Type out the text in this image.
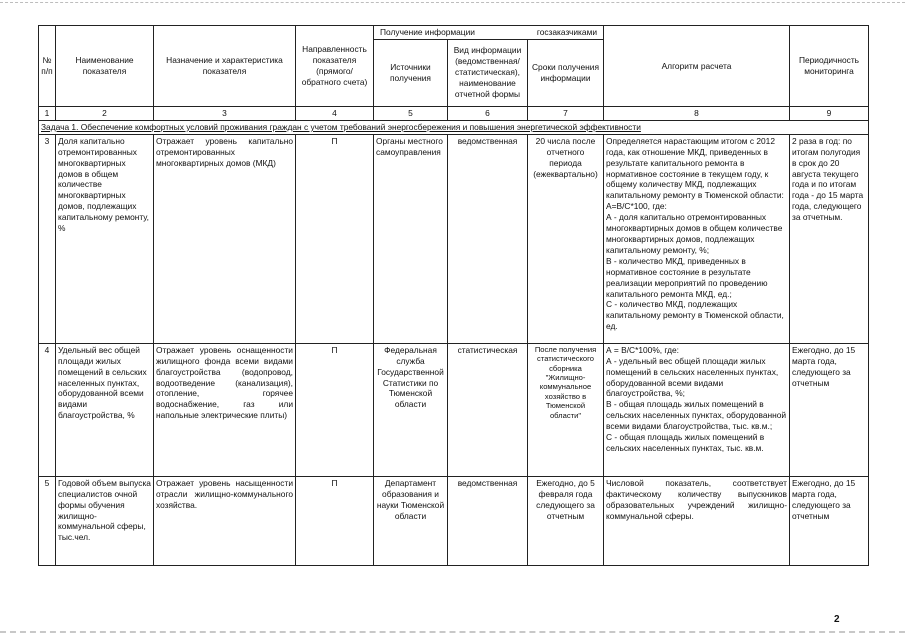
№ п/п	Наименование показателя	Назначение и характеристика показателя	Направленность показателя (прямого/ обратного счета)	Получение информации госзаказчиками			Алгоритм расчета	Периодичность мониторинга
				Источники получения	Вид информации (ведомственная/ статистическая), наименование отчетной формы	Сроки получения информации		
1	2	3	4	5	6	7	8	9
Задача 1. Обеспечение комфортных условий проживания граждан с учетом требований энергосбережения и повышения энергетической эффективности								
3	Доля капитально отремонтированных многоквартирных домов в общем количестве многоквартирных домов, подлежащих капитальному ремонту, %	Отражает уровень капитально отремонтированных многоквартирных домов (МКД)	П	Органы местного самоуправления	ведомственная	20 числа после отчетного периода (ежеквартально)	Определяется нарастающим итогом с 2012 года, как отношение МКД, приведенных в результате капитального ремонта в нормативное состояние в текущем году, к общему количеству МКД, подлежащих капитальному ремонту в Тюменской области:
A=B/C*100, где:
А - доля капитально отремонтированных многоквартирных домов в общем количестве многоквартирных домов, подлежащих капитальному ремонту, %;
В - количество МКД, приведенных в нормативное состояние в результате реализации мероприятий по проведению капитального ремонта МКД, ед.;
С - количество МКД, подлежащих капитальному ремонту в Тюменской области, ед.	2 раза в год: по итогам полугодия в срок до 20 августа текущего года и по итогам года - до 15 марта года, следующего за отчетным.
4	Удельный вес общей площади жилых помещений в сельских населенных пунктах, оборудованной всеми видами благоустройства, %	Отражает уровень оснащенности жилищного фонда всеми видами благоустройства (водопровод, водоотведение (канализация), отопление, горячее водоснабжение, газ или напольные электрические плиты)	П	Федеральная служба Государственной Статистики по Тюменской области	статистическая	После получения статистического сборника "Жилищно-коммунальное хозяйство в Тюменской области"	А = В/С*100%, где:
А - удельный вес общей площади жилых помещений в сельских населенных пунктах, оборудованной всеми видами благоустройства, %;
В - общая площадь жилых помещений в сельских населенных пунктах, оборудованной всеми видами благоустройства, тыс. кв.м.;
С - общая площадь жилых помещений в сельских населенных пунктах, тыс. кв.м.	Ежегодно, до 15 марта года, следующего за отчетным
5	Годовой объем выпуска специалистов очной формы обучения жилищно-коммунальной сферы, тыс.чел.	Отражает уровень насыщенности отрасли жилищно-коммунального хозяйства.	П	Департамент образования и науки Тюменской области	ведомственная	Ежегодно, до 5 февраля года следующего за отчетным	Числовой показатель, соответствует фактическому количеству выпускников образовательных учреждений жилищно-коммунальной сферы.	Ежегодно, до 15 марта года, следующего за отчетным
2
